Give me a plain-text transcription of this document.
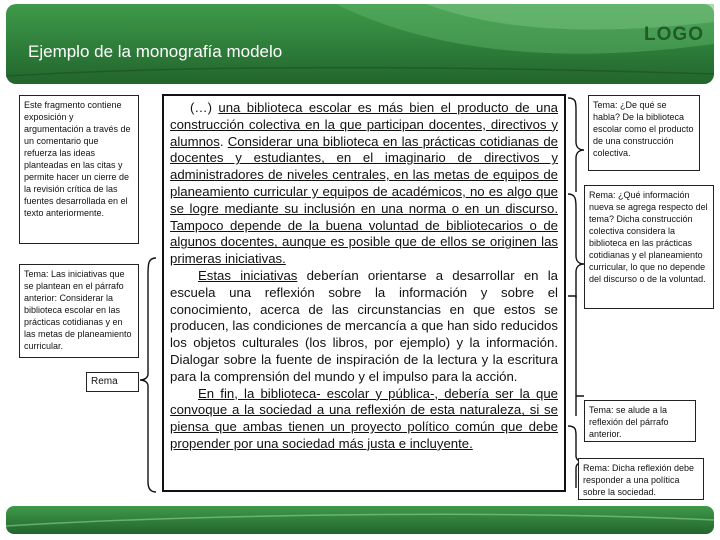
Ejemplo de la monografía modelo
LOGO
Este fragmento contiene exposición y argumentación a través de un comentario que refuerza las ideas planteadas en las citas y permite hacer un cierre de la revisión crítica de las fuentes desarrollada en el texto anteriormente.
Tema: Las iniciativas que se plantean en el párrafo anterior: Considerar la biblioteca escolar en las prácticas cotidianas y en las metas de planeamiento curricular.
Rema
(…) una biblioteca escolar es más bien el producto de una construcción colectiva en la que participan docentes, directivos y alumnos. Considerar una biblioteca en las prácticas cotidianas de docentes y estudiantes, en el imaginario de directivos y administradores de niveles centrales, en las metas de equipos de planeamiento curricular y equipos de académicos, no es algo que se logre mediante su inclusión en una norma o en un discurso. Tampoco depende de la buena voluntad de bibliotecarios o de algunos docentes, aunque es posible que de ellos se originen las primeras iniciativas.
Estas iniciativas deberían orientarse a desarrollar en la escuela una reflexión sobre la información y sobre el conocimiento, acerca de las circunstancias en que estos se producen, las condiciones de mercancía a que han sido reducidos los objetos culturales (los libros, por ejemplo) y la información. Dialogar sobre la fuente de inspiración de la lectura y la escritura para la comprensión del mundo y el impulso para la acción.
En fin, la biblioteca- escolar y pública-, debería ser la que convoque a la sociedad a una reflexión de esta naturaleza, si se piensa que ambas tienen un proyecto político común que debe propender por una sociedad más justa e incluyente.
Tema: ¿De qué se habla? De la biblioteca escolar como el producto de una construcción colectiva.
Rema: ¿Qué información nueva se agrega respecto del tema? Dicha construcción colectiva considera la biblioteca en las prácticas cotidianas y el planeamiento curricular, lo que no depende del discurso o de la voluntad.
Tema: se alude a la reflexión del párrafo anterior.
Rema: Dicha reflexión debe responder a una política sobre la sociedad.
